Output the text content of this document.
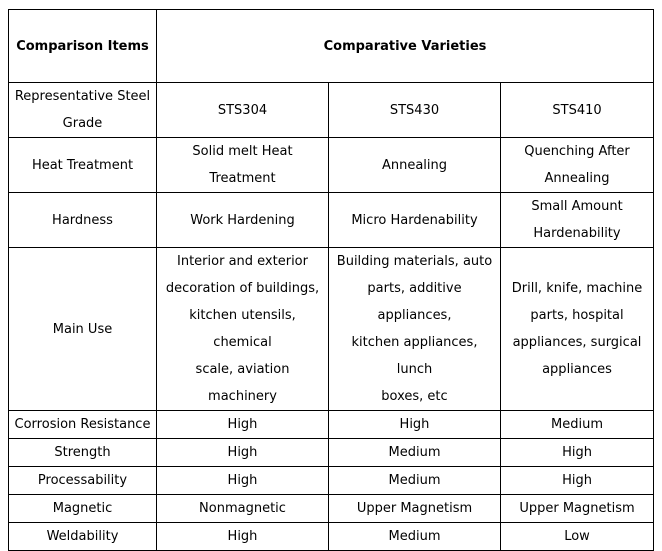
Comparison Items	Comparative Varieties		

Representative Steel
Grade	STS304	STS430	STS410
Heat Treatment	Solid melt Heat Treatment	Annealing	Quenching After
Annealing

Hardness	Work Hardening	Micro Hardenability	Small Amount
Hardenability

Main Use	Interior and exterior
decoration of buildings,
kitchen utensils, chemical
scale, aviation machinery	Building materials, auto
parts, additive appliances,
kitchen appliances, lunch
boxes, etc	Drill, knife, machine
parts, hospital
appliances, surgical
appliances

Corrosion Resistance	High	High	Medium
Strength	High	Medium	High
Processability	High	Medium	High
Magnetic	Nonmagnetic	Upper Magnetism	Upper Magnetism
Weldability	High	Medium	Low
